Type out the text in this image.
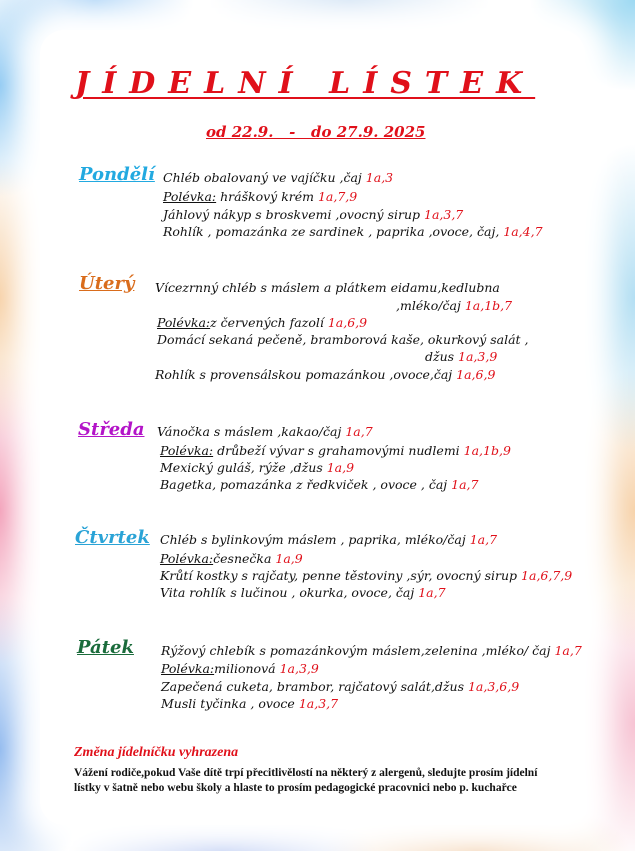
JÍDELNÍ LÍSTEK
od 22.9.   -   do 27.9. 2025
Pondělí Chléb obalovaný ve vajíčku ,čaj 1a,3
Polévka: hráškový krém 1a,7,9
Jáhlový nákyp s broskvemi ,ovocný sirup 1a,3,7
Rohlík , pomazánka ze sardinek , paprika ,ovoce, čaj, 1a,4,7
Úterý Vícezrnný chléb s máslem a plátkem eidamu,kedlubna
,mléko/čaj 1a,1b,7
Polévka:z červených fazolí 1a,6,9
Domácí sekaná pečeně, bramborová kaše, okurkový salát ,
džus 1a,3,9
Rohlík s provensálskou pomazánkou ,ovoce,čaj 1a,6,9
Středa Vánočka s máslem ,kakao/čaj 1a,7
Polévka: drůbeží vývar s grahamovými nudlemi 1a,1b,9
Mexický guláš, rýže ,džus 1a,9
Bagetka, pomazánka z ředkviček , ovoce , čaj 1a,7
Čtvrtek Chléb s bylinkovým máslem , paprika, mléko/čaj 1a,7
Polévka:česnečka 1a,9
Krůtí kostky s rajčaty, penne těstoviny ,sýr, ovocný sirup 1a,6,7,9
Vita rohlík s lučinou , okurka, ovoce, čaj 1a,7
Pátek Rýžový chlebík s pomazánkovým máslem,zelenina ,mléko/ čaj 1a,7
Polévka:milionová 1a,3,9
Zapečená cuketa, brambor, rajčatový salát,džus 1a,3,6,9
Musli tyčinka , ovoce 1a,3,7
Změna jídelníčku vyhrazena
Vážení rodiče,pokud Vaše dítě trpí přecitlivělostí na některý z alergenů, sledujte prosím jídelní lístky v šatně nebo webu školy a hlaste to prosím pedagogické pracovnici nebo p. kuchařce
